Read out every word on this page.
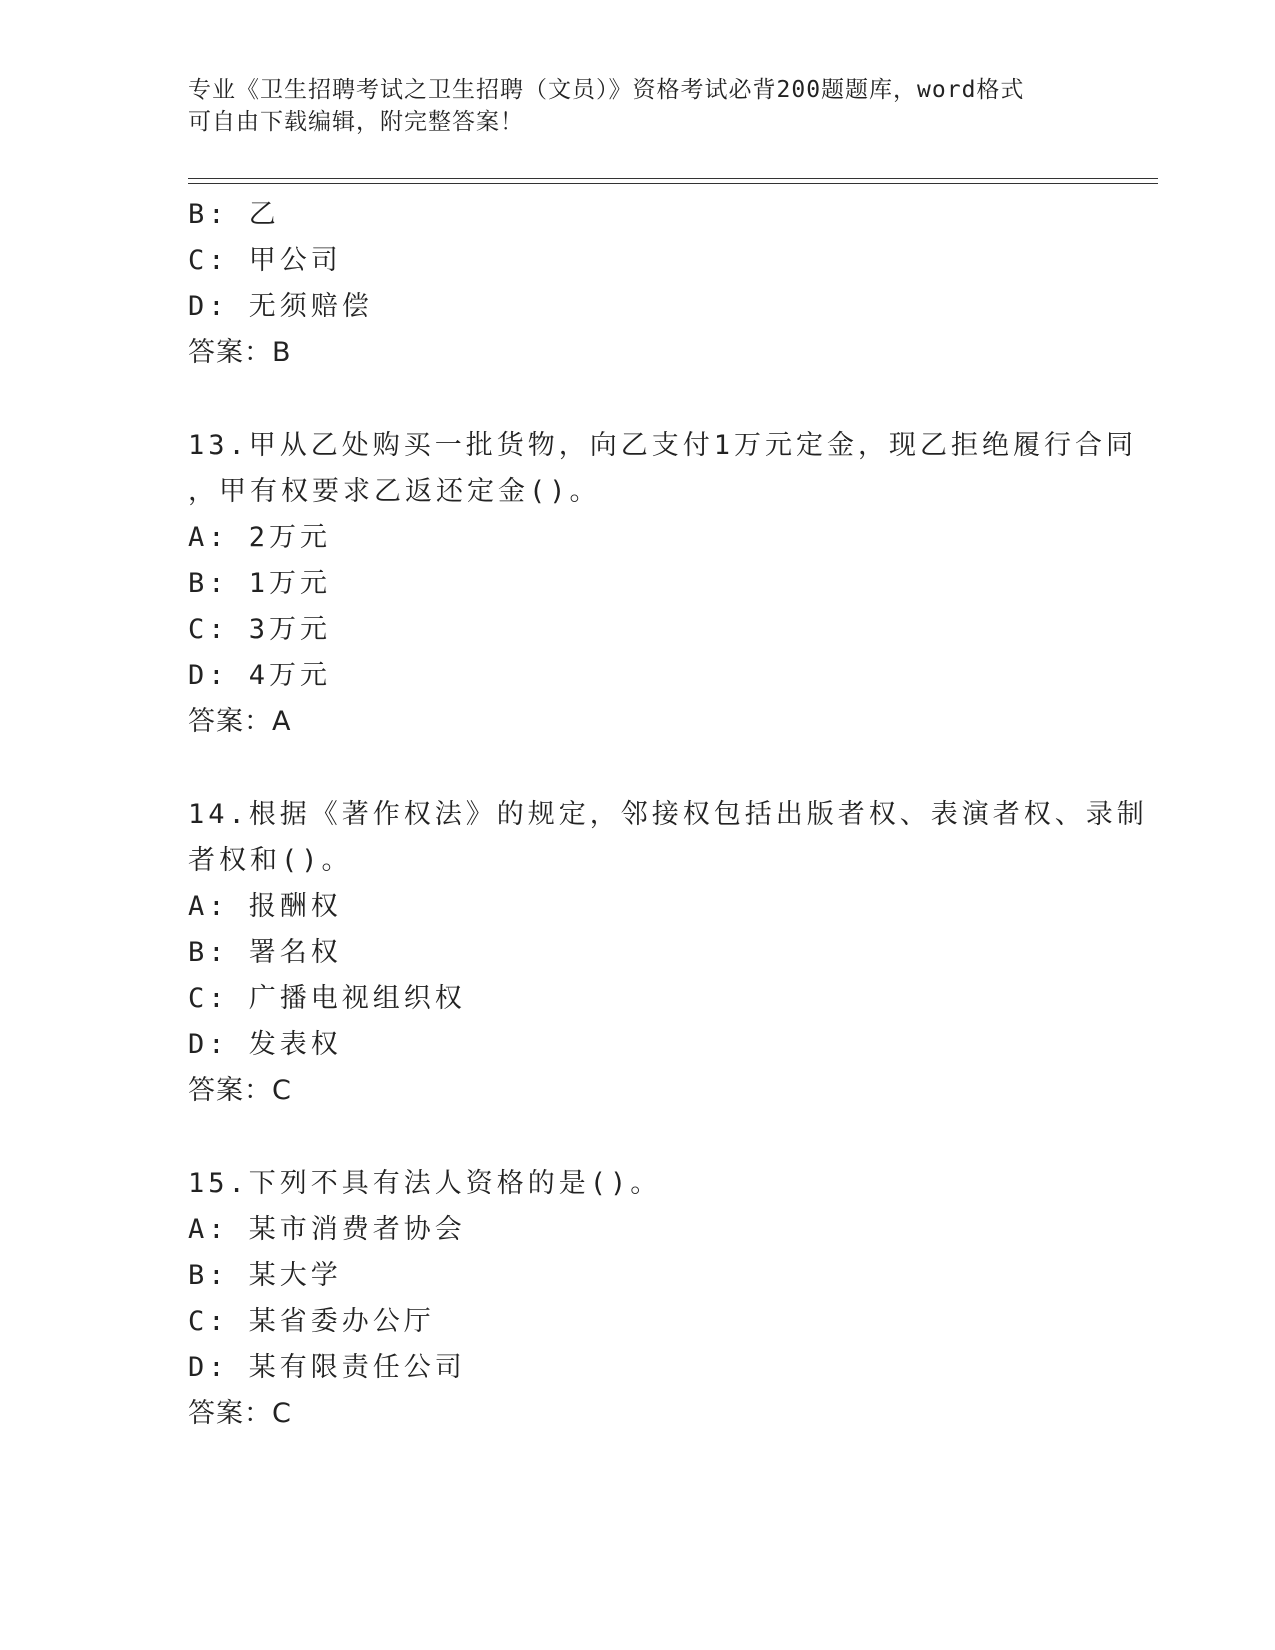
专业《卫生招聘考试之卫生招聘（文员）》资格考试必背200题题库，word格式
可自由下载编辑，附完整答案！
B: 乙
C: 甲公司
D: 无须赔偿
答案：B
13.甲从乙处购买一批货物，向乙支付1万元定金，现乙拒绝履行合同
，甲有权要求乙返还定金()。
A: 2万元
B: 1万元
C: 3万元
D: 4万元
答案：A
14.根据《著作权法》的规定，邻接权包括出版者权、表演者权、录制
者权和()。
A: 报酬权
B: 署名权
C: 广播电视组织权
D: 发表权
答案：C
15.下列不具有法人资格的是()。
A: 某市消费者协会
B: 某大学
C: 某省委办公厅
D: 某有限责任公司
答案：C
